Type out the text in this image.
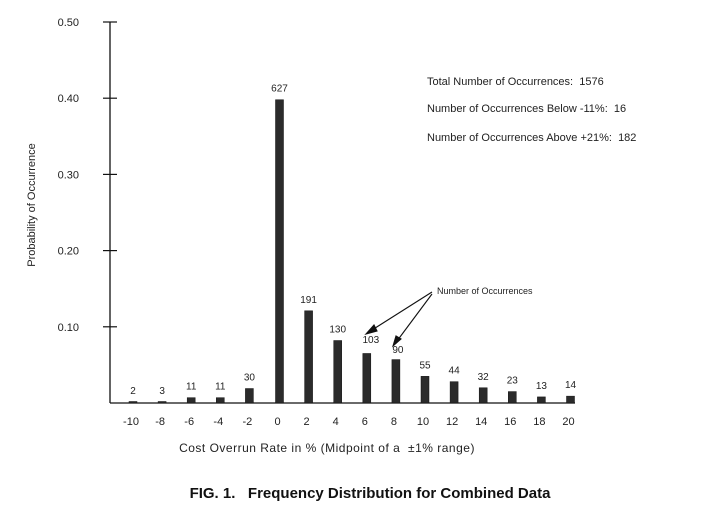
Probability of Occurrence
0.50
0.40
0.30
0.20
0.10
2 3 11 11
30
627
191
130
103
90
55 44
32 23 13 14
-10 -8 -6 -4 -2 0 2 4 6 8 10 12 14 16 18 20
Cost Overrun Rate in % (Midpoint of a  ±1% range)
Total Number of Occurrences:  1576
Number of Occurrences Below -11%:  16
Number of Occurrences Above +21%:  182
Number of Occurrences
FIG. 1.   Frequency Distribution for Combined Data
